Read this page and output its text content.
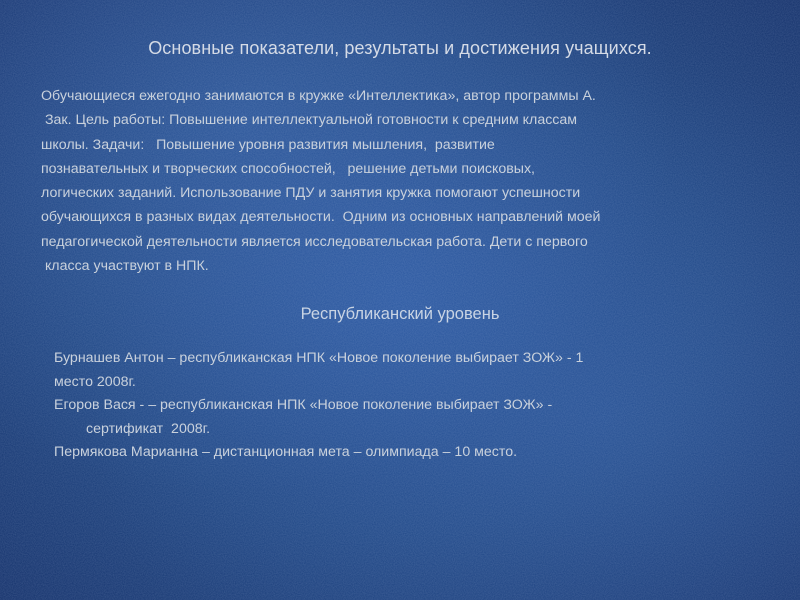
Основные показатели, результаты и достижения учащихся.
Обучающиеся ежегодно занимаются в кружке «Интеллектика», автор программы А.
Зак. Цель работы: Повышение интеллектуальной готовности к средним классам
школы. Задачи:   Повышение уровня развития мышления,  развитие
познавательных и творческих способностей,   решение детьми поисковых,
логических заданий. Использование ПДУ и занятия кружка помогают успешности
обучающихся в разных видах деятельности.  Одним из основных направлений моей
педагогической деятельности является исследовательская работа. Дети с первого
класса участвуют в НПК.
Республиканский уровень
Бурнашев Антон – республиканская НПК «Новое поколение выбирает ЗОЖ» - 1
место 2008г.
Егоров Вася - – республиканская НПК «Новое поколение выбирает ЗОЖ» -
сертификат  2008г.
Пермякова Марианна – дистанционная мета – олимпиада – 10 место.
